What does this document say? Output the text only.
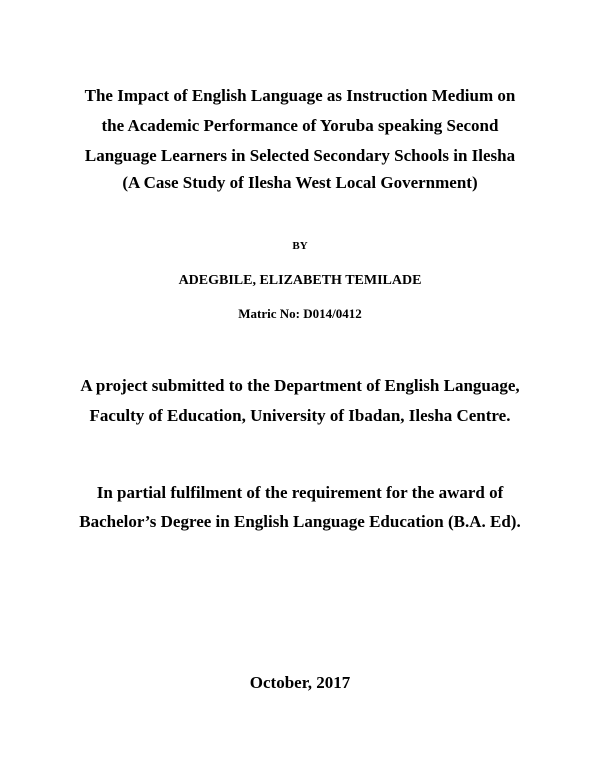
The Impact of English Language as Instruction Medium on
the Academic Performance of Yoruba speaking Second
Language Learners in Selected Secondary Schools in Ilesha
(A Case Study of Ilesha West Local Government)
BY
ADEGBILE, ELIZABETH TEMILADE
Matric No: D014/0412
A project submitted to the Department of English Language,
Faculty of Education, University of Ibadan, Ilesha Centre.
In partial fulfilment of the requirement for the award of
Bachelor’s Degree in English Language Education (B.A. Ed).
October, 2017
